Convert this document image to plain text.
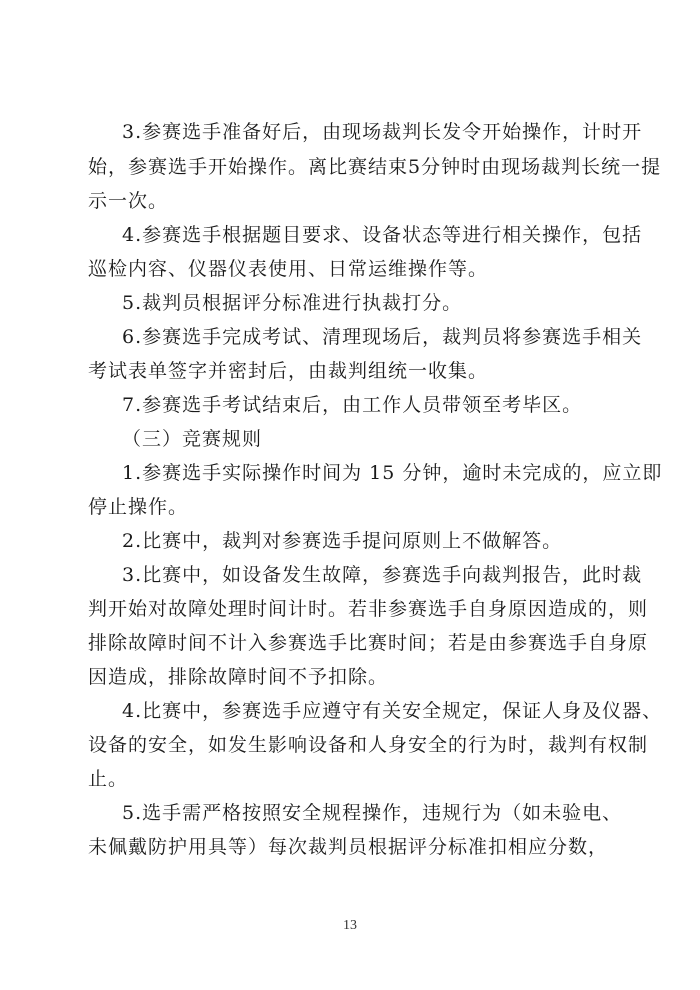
3.参赛选手准备好后，由现场裁判长发令开始操作，计时开
始，参赛选手开始操作。离比赛结束5分钟时由现场裁判长统一提
示一次。
4.参赛选手根据题目要求、设备状态等进行相关操作，包括
巡检内容、仪器仪表使用、日常运维操作等。
5.裁判员根据评分标准进行执裁打分。
6.参赛选手完成考试、清理现场后，裁判员将参赛选手相关
考试表单签字并密封后，由裁判组统一收集。
7.参赛选手考试结束后，由工作人员带领至考毕区。
（三）竞赛规则
1.参赛选手实际操作时间为 15 分钟，逾时未完成的，应立即
停止操作。
2.比赛中，裁判对参赛选手提问原则上不做解答。
3.比赛中，如设备发生故障，参赛选手向裁判报告，此时裁
判开始对故障处理时间计时。若非参赛选手自身原因造成的，则
排除故障时间不计入参赛选手比赛时间；若是由参赛选手自身原
因造成，排除故障时间不予扣除。
4.比赛中，参赛选手应遵守有关安全规定，保证人身及仪器、
设备的安全，如发生影响设备和人身安全的行为时，裁判有权制
止。
5.选手需严格按照安全规程操作，违规行为（如未验电、
未佩戴防护用具等）每次裁判员根据评分标准扣相应分数，
13
